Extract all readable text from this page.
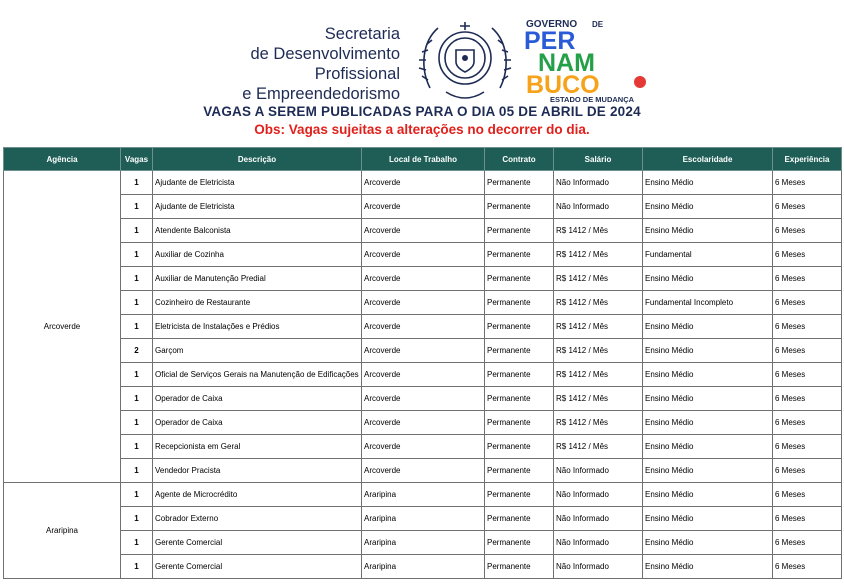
Secretaria
de Desenvolvimento
Profissional
e Empreendedorismo
GOVERNO DE
PER
NAM
BUCO
ESTADO DE MUDANÇA
VAGAS A SEREM PUBLICADAS PARA O DIA 05 DE ABRIL DE 2024
Obs: Vagas sujeitas a alterações no decorrer do dia.
Agência	Vagas	Descrição	Local de Trabalho	Contrato	Salário	Escolaridade	Experiência
Arcoverde	1	Ajudante de Eletricista	Arcoverde	Permanente	Não Informado	Ensino Médio	6 Meses
	1	Ajudante de Eletricista	Arcoverde	Permanente	Não Informado	Ensino Médio	6 Meses
	1	Atendente Balconista	Arcoverde	Permanente	R$ 1412 / Mês	Ensino Médio	6 Meses
	1	Auxiliar de Cozinha	Arcoverde	Permanente	R$ 1412 / Mês	Fundamental	6 Meses
	1	Auxiliar de Manutenção Predial	Arcoverde	Permanente	R$ 1412 / Mês	Ensino Médio	6 Meses
	1	Cozinheiro de Restaurante	Arcoverde	Permanente	R$ 1412 / Mês	Fundamental Incompleto	6 Meses
	1	Eletricista de Instalações e Prédios	Arcoverde	Permanente	R$ 1412 / Mês	Ensino Médio	6 Meses
	2	Garçom	Arcoverde	Permanente	R$ 1412 / Mês	Ensino Médio	6 Meses
	1	Oficial de Serviços Gerais na Manutenção de Edificações	Arcoverde	Permanente	R$ 1412 / Mês	Ensino Médio	6 Meses
	1	Operador de Caixa	Arcoverde	Permanente	R$ 1412 / Mês	Ensino Médio	6 Meses
	1	Operador de Caixa	Arcoverde	Permanente	R$ 1412 / Mês	Ensino Médio	6 Meses
	1	Recepcionista em Geral	Arcoverde	Permanente	R$ 1412 / Mês	Ensino Médio	6 Meses
	1	Vendedor Pracista	Arcoverde	Permanente	Não Informado	Ensino Médio	6 Meses
Araripina	1	Agente de Microcrédito	Araripina	Permanente	Não Informado	Ensino Médio	6 Meses
	1	Cobrador Externo	Araripina	Permanente	Não Informado	Ensino Médio	6 Meses
	1	Gerente Comercial	Araripina	Permanente	Não Informado	Ensino Médio	6 Meses
	1	Gerente Comercial	Araripina	Permanente	Não Informado	Ensino Médio	6 Meses
